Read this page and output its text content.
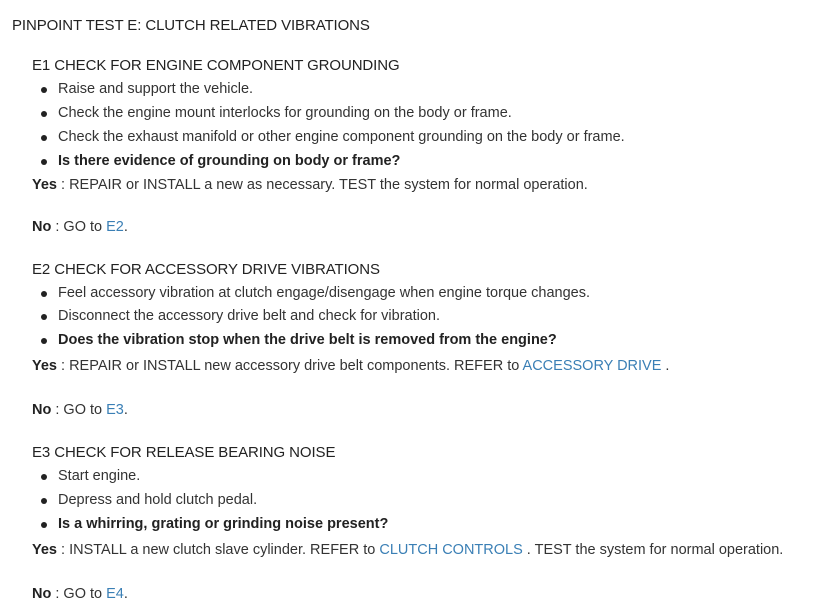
PINPOINT TEST E: CLUTCH RELATED VIBRATIONS
E1 CHECK FOR ENGINE COMPONENT GROUNDING
Raise and support the vehicle.
Check the engine mount interlocks for grounding on the body or frame.
Check the exhaust manifold or other engine component grounding on the body or frame.
Is there evidence of grounding on body or frame?
Yes : REPAIR or INSTALL a new as necessary. TEST the system for normal operation.
No : GO to E2.
E2 CHECK FOR ACCESSORY DRIVE VIBRATIONS
Feel accessory vibration at clutch engage/disengage when engine torque changes.
Disconnect the accessory drive belt and check for vibration.
Does the vibration stop when the drive belt is removed from the engine?
Yes : REPAIR or INSTALL new accessory drive belt components. REFER to ACCESSORY DRIVE .
No : GO to E3.
E3 CHECK FOR RELEASE BEARING NOISE
Start engine.
Depress and hold clutch pedal.
Is a whirring, grating or grinding noise present?
Yes : INSTALL a new clutch slave cylinder. REFER to CLUTCH CONTROLS . TEST the system for normal operation.
No : GO to E4.
